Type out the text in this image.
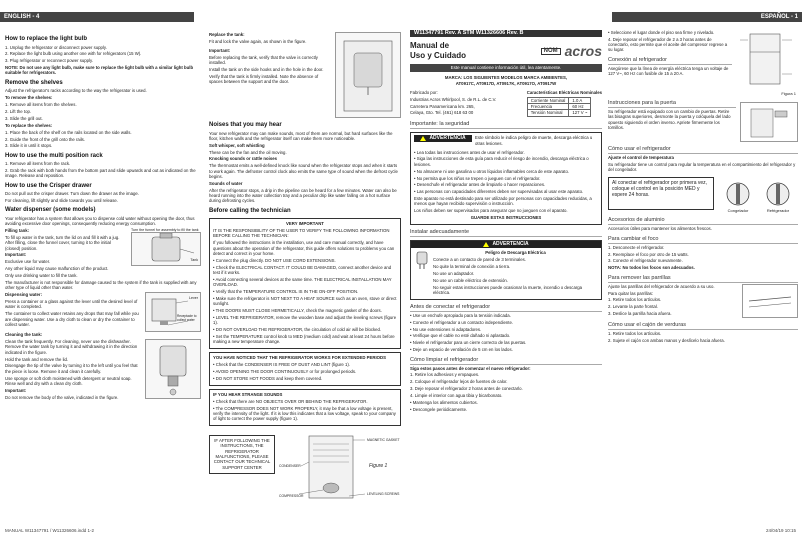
ENGLISH - 4	ESPAÑOL - 1
How to replace the light bulb

1. Unplug the refrigerator or disconnect power supply.

2. Replace the light bulb using another one with for refrigerators (15 W).

3. Plug refrigerator or reconnect power supply.

NOTE: Do not use any light bulb, make sure to replace the light bulb with a similar light bulb suitable for refrigerators.

Remove the shelves

Adjust the refrigerator's racks according to the way the refrigerator is used.

To remove the shelves:

1. Remove all items from the shelves.

2. Lift the top.

3. Slide the grill out.

To replace the shelves:

1. Place the back of the shelf on the rails located on the side walls.

2. Guide the front of the grill onto the rails.

3. Slide it in until it stops.

How to use the multi position rack

1. Remove all items from the rack.

2. Grab the rack with both hands from the bottom part and slide upwards and out as indicated on the image. Release and reposition.

How to use the Crisper drawer

Do not pull out the crisper drawer. Turn down the drawer as the image.

For cleaning, lift slightly and slide towards you until release.

Water dispenser (some models)

Your refrigerator has a system that allows you to dispense cold water without opening the door, thus avoiding excessive door openings, consequently reducing energy consumption.

Filling tank:

To fill up water in the tank, turn the lid on and fill it with a jug. After filling, close the funnel cover, turning it to the initial (closed) position.

Important:

Exclusive use for water.

Any other liquid may cause malfunction of the product.

Only use drinking water to fill the tank.

Turn the funnel for assembly to fill the tank
Tank

The manufacturer is not responsible for damage caused to the system if the tank is supplied with any other type of liquid other than water.

Dispensing water:

Press a container or a glass against the lever until the desired level of water is completed.

The container to collect water retains any drops that may fall while you are dispensing water. Use a dry cloth to clean or dry the container to collect water.

Lever
Receptacle to collect water

Cleaning the tank:

Clean the tank frequently. For cleaning, never use the dishwasher. Remove the water tank by turning it and withdrawing it in the direction indicated in the figure.

Hold the tank and remove the lid.

Disengage the tip of the valve by turning it to the left until you feel that the piece is loose. Remove it and clean it carefully.

Use sponge or soft cloth moistened with detergent or neutral soap. Rinse well and dry with a clean dry cloth.

Important:

Do not remove the body of the valve, indicated in the figure.

Replace the tank:

Fit and lock the valve again, as shown in the figure.

Important:

Before replacing the tank, verify that the valve is correctly installed.

Install the tank on the side hooks and in the hole in the door.

Verify that the tank is firmly installed. Note the absence of spaces between the support and the door.

Noises that you may hear

Your new refrigerator may can make sounds, most of them are normal, but hard surfaces like the floor, kitchen walls and the refrigerator itself can make them more noticeable.

Soft whisper, soft whistling

These can be the fan and the oil moving.

Knocking sounds or rattle noises

The thermostat emits a well-defined knock like sound when the refrigerator stops and when it starts to work again. The defroster control clock also emits the same type of sound when the defrost cycle begins.

Sounds of water

After the refrigerator stops, a drip in the pipeline can be heard for a few minutes. Water can also be heard running into the water collection tray and a peculiar drip like water falling on a hot surface during defrosting cycles.

Before calling the technician

VERY IMPORTANT

IT IS THE RESPONSIBILITY OF THE USER TO VERIFY THE FOLLOWING INFORMATION BEFORE CALLING THE TECHNICIAN:

If you followed the instructions in the installation, use and care manual correctly, and have questions about the operation of the refrigerator, this guide offers solutions to problems you can detect and correct in your home.

• Connect the plug directly. DO NOT USE CORD EXTENSIONS.

• Check the ELECTRICAL CONTACT. IT COULD BE DAMAGED, connect another device and test if it works.

• Avoid connecting several devices at the same time. THE ELECTRICAL INSTALLATION MAY OVERLOAD.

• Verify that the TEMPERATURE CONTROL IS IN THE ON-OFF POSITION.

• Make sure the refrigerator is NOT NEXT TO A HEAT SOURCE such as an oven, stove or direct sunlight.

• THE DOORS MUST CLOSE HERMETICALLY, check the magnetic gasket of the doors.

• LEVEL THE REFRIGERATOR, remove the wooden base and adjust the leveling screws (figure 1).

• DO NOT OVERLOAD THE REFRIGERATOR, the circulation of cold air will be blocked.

• Set the TEMPERATURE control knob to MED (medium cold) and wait at least 24 hours before making a new temperature change.

YOU HAVE NOTICED THAT THE REFRIGERATOR WORKS FOR EXTENDED PERIODS

• Check that the CONDENSER IS FREE OF DUST AND LINT (figure 1).

• AVOID OPENING THE DOOR CONTINUOUSLY or for prolonged periods.

• DO NOT STORE HOT FOODS and keep them covered.

IF YOU HEAR STRANGE SOUNDS

• Check that there are NO OBJECTS OVER OR BEHIND THE REFRIGERATOR.

• The COMPRESSOR DOES NOT WORK PROPERLY, it may be that a low voltage is present, verify the intensity of the light. If it is low this indicates that a low voltage, speak to your company of light to correct the power supply (figure 1).

IF AFTER FOLLOWING THE INSTRUCTIONS, THE REFRIGERATOR MALFUNCTIONS, PLEASE CONTACT OUR TECHNICAL SUPPORT CENTER

MAGNETIC GASKET
CONDENSER
COMPRESSOR	LEVELING SCREWS
Figure 1
W11347791 Rev. A STM W11326606 Rev. B
Manual de
Uso y Cuidado
NOM acros
Este manual contiene información útil, lea atentamente.

MARCA: LOS SIGUIENTES MODELOS MARCA AMBIENTES,

AT0917C, AT0917D, AT0917K, AT0917O, AT0917W

Fabricado por:

Industrias Acros Whirlpool, S. de R.L. de C.V.

Carretera Panamericana km. 265,

Celaya, Gto. Tel. (461) 618 63 00

Características Eléctricas Nominales

Corriente Nominal	1.0 A
Frecuencia	60 Hz
Tensión Nominal	127 V ~
Importante: la seguridad
ADVERTENCIA Este símbolo le indica peligro de muerte, descarga eléctrica u otras lesiones.

• Lea todas las instrucciones antes de usar el refrigerador.

• Siga las instrucciones de esta guía para reducir el riesgo de incendio, descarga eléctrica o lesiones.

• No almacene ni use gasolina u otros líquidos inflamables cerca de este aparato.

• No permita que los niños se trepen o jueguen con el refrigerador.

• Desenchufe el refrigerador antes de limpiarlo o hacer reparaciones.

• Las personas con capacidades diferentes deben ser supervisadas al usar este aparato.

Este aparato no está destinado para ser utilizado por personas con capacidades reducidas, a menos que hayan recibido supervisión o instrucción.

Los niños deben ser supervisados para asegurar que no jueguen con el aparato.

GUARDE ESTAS INSTRUCCIONES

Instalar adecuadamente
ADVERTENCIA

Peligro de Descarga Eléctrica

Conecte a un contacto de pared de 3 terminales.

No quite la terminal de conexión a tierra.

No use un adaptador.

No use un cable eléctrico de extensión.

No seguir estas instrucciones puede ocasionar la muerte, incendio o descarga eléctrica.

Antes de conectar el refrigerador

• Use un enchufe apropiado para la tensión indicada.

• Conecte el refrigerador a un contacto independiente.

• No use extensiones ni adaptadores.

• Verifique que el cable no esté dañado ni aplastado.

• Nivele el refrigerador para un cierre correcto de las puertas.

• Deje un espacio de ventilación de 5 cm en los lados.

Cómo limpiar el refrigerador

Siga estos pasos antes de comenzar el nuevo refrigerador:

1. Retire los adhesivos y empaques.

2. Coloque el refrigerador lejos de fuentes de calor.

3. Deje reposar el refrigerador 2 horas antes de conectarlo.

4. Limpie el interior con agua tibia y bicarbonato.

• Mantenga los alimentos cubiertos.

• Descongele periódicamente.

• Seleccione el lugar donde el piso sea firme y nivelado.

4. Deje reposar el refrigerador de 2 a 3 horas antes de conectarlo, esto permite que el aceite del compresor regrese a su lugar.

Conexión al refrigerador

Asegúrese que la línea de energía eléctrica tenga un voltaje de 127 V~, 60 Hz con fusible de 15 a 20 A.

Figura 1
Instrucciones para la puerta

Su refrigerador está equipado con un cambio de puertas. Retire las bisagras superiores, desmonte la puerta y colóquela del lado opuesto siguiendo el orden inverso. Apriete firmemente los tornillos.

Cómo usar el refrigerador

Ajuste el control de temperatura

Su refrigerador tiene un control para regular la temperatura en el compartimiento del refrigerador y del congelador.

Al conectar el refrigerador por primera vez, coloque el control en la posición MED y espere 24 horas.

Congelador	Refrigerador
Accesorios de aluminio

Accesorios útiles para mantener los alimentos frescos.

Para cambiar el foco

1. Desconecte el refrigerador.

2. Reemplace el foco por otro de 15 watts.

3. Conecte el refrigerador nuevamente.

NOTA: No todos los focos son adecuados.

Para remover las parrillas

Ajuste las parrillas del refrigerador de acuerdo a su uso.

Para quitar las parrillas:

1. Retire todos los artículos.

2. Levante la parte frontal.

3. Deslice la parrilla hacia afuera.

Cómo usar el cajón de verduras

1. Retire todos los artículos.

2. Sujete el cajón con ambas manos y deslícelo hacia afuera.

MANUAL W11347791 / W11326606.indd 1-2	24/04/19 10:15
